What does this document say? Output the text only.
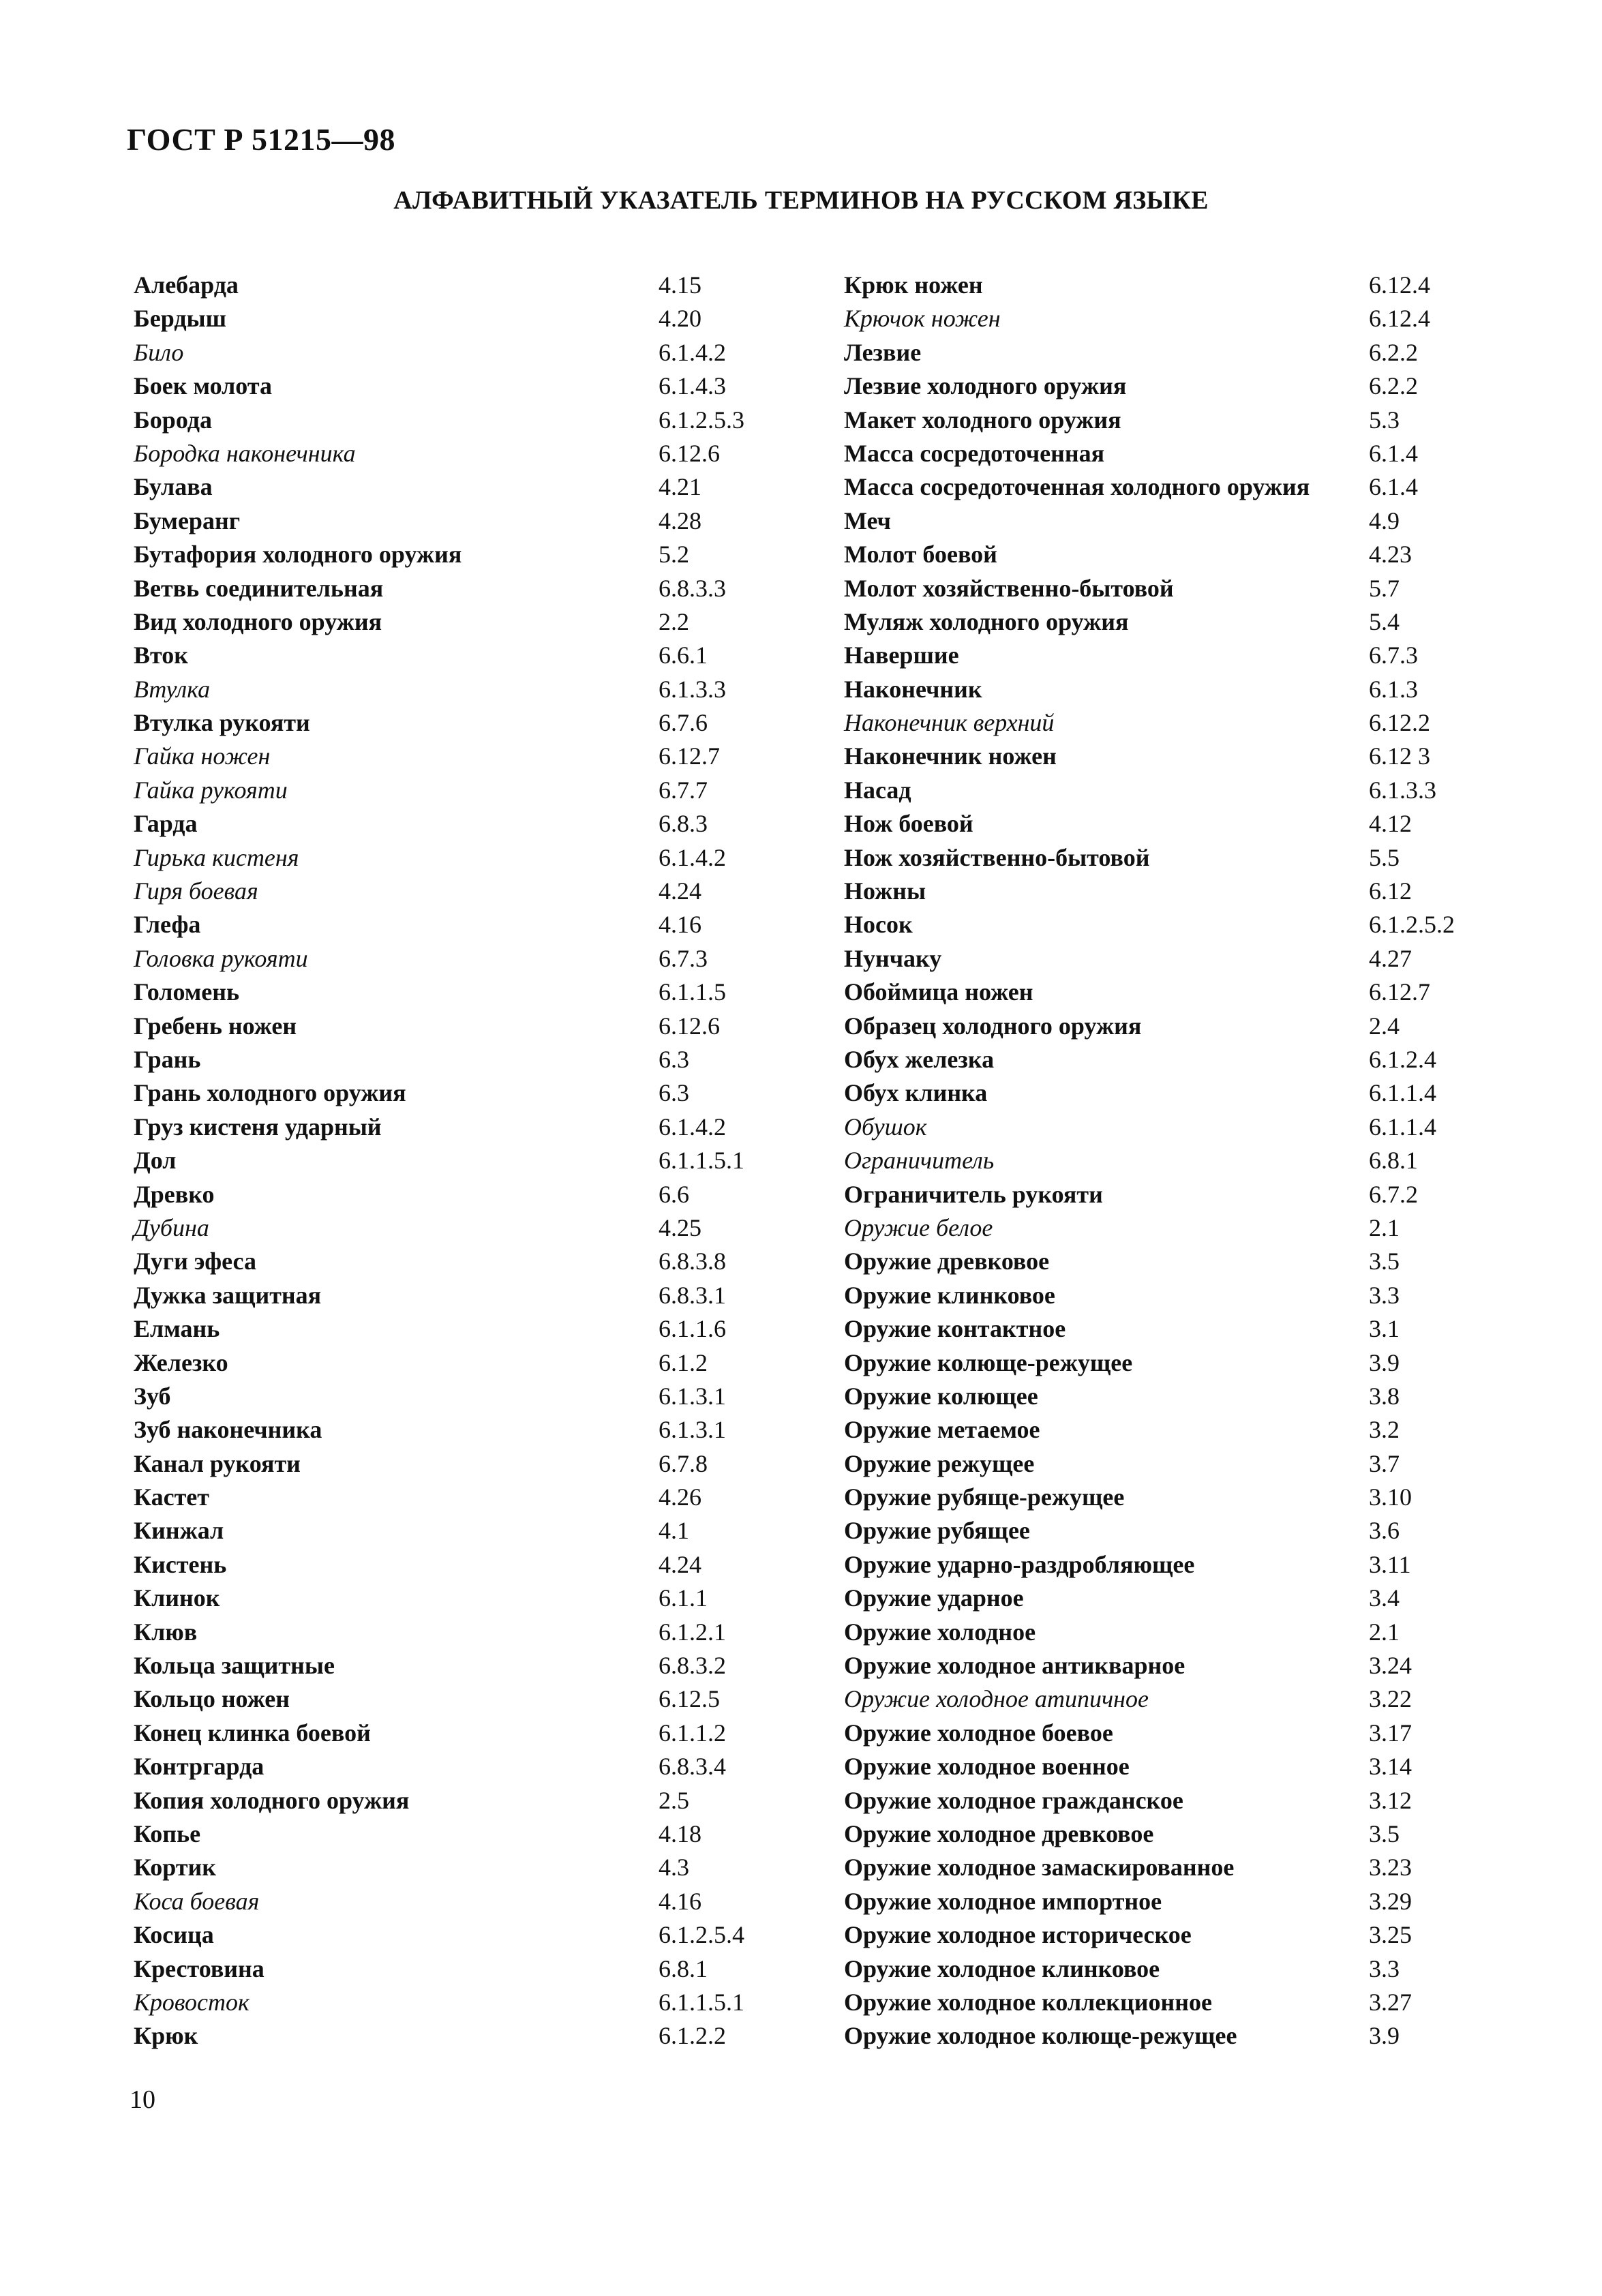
ГОСТ Р 51215—98
АЛФАВИТНЫЙ УКАЗАТЕЛЬ ТЕРМИНОВ НА РУССКОМ ЯЗЫКЕ
Алебарда	4.15
Бердыш	4.20
Било	6.1.4.2
Боек молота	6.1.4.3
Борода	6.1.2.5.3
Бородка наконечника	6.12.6
Булава	4.21
Бумеранг	4.28
Бутафория холодного оружия	5.2
Ветвь соединительная	6.8.3.3
Вид холодного оружия	2.2
Вток	6.6.1
Втулка	6.1.3.3
Втулка рукояти	6.7.6
Гайка ножен	6.12.7
Гайка рукояти	6.7.7
Гарда	6.8.3
Гирька кистеня	6.1.4.2
Гиря боевая	4.24
Глефа	4.16
Головка рукояти	6.7.3
Голомень	6.1.1.5
Гребень ножен	6.12.6
Грань	6.3
Грань холодного оружия	6.3
Груз кистеня ударный	6.1.4.2
Дол	6.1.1.5.1
Древко	6.6
Дубина	4.25
Дуги эфеса	6.8.3.8
Дужка защитная	6.8.3.1
Елмань	6.1.1.6
Железко	6.1.2
Зуб	6.1.3.1
Зуб наконечника	6.1.3.1
Канал рукояти	6.7.8
Кастет	4.26
Кинжал	4.1
Кистень	4.24
Клинок	6.1.1
Клюв	6.1.2.1
Кольца защитные	6.8.3.2
Кольцо ножен	6.12.5
Конец клинка боевой	6.1.1.2
Контргарда	6.8.3.4
Копия холодного оружия	2.5
Копье	4.18
Кортик	4.3
Коса боевая	4.16
Косица	6.1.2.5.4
Крестовина	6.8.1
Кровосток	6.1.1.5.1
Крюк	6.1.2.2
Крюк ножен	6.12.4
Крючок ножен	6.12.4
Лезвие	6.2.2
Лезвие холодного оружия	6.2.2
Макет холодного оружия	5.3
Масса сосредоточенная	6.1.4
Масса сосредоточенная холодного оружия 6.1.4
Меч	4.9
Молот боевой	4.23
Молот хозяйственно-бытовой	5.7
Муляж холодного оружия	5.4
Навершие	6.7.3
Наконечник	6.1.3
Наконечник верхний	6.12.2
Наконечник ножен	6.12 3
Насад	6.1.3.3
Нож боевой	4.12
Нож хозяйственно-бытовой	5.5
Ножны	6.12
Носок	6.1.2.5.2
Нунчаку	4.27
Обоймица ножен	6.12.7
Образец холодного оружия	2.4
Обух железка	6.1.2.4
Обух клинка	6.1.1.4
Обушок	6.1.1.4
Ограничитель	6.8.1
Ограничитель рукояти	6.7.2
Оружие белое	2.1
Оружие древковое	3.5
Оружие клинковое	3.3
Оружие контактное	3.1
Оружие колюще-режущее	3.9
Оружие колющее	3.8
Оружие метаемое	3.2
Оружие режущее	3.7
Оружие рубяще-режущее	3.10
Оружие рубящее	3.6
Оружие ударно-раздробляющее	3.11
Оружие ударное	3.4
Оружие холодное	2.1
Оружие холодное антикварное	3.24
Оружие холодное атипичное	3.22
Оружие холодное боевое	3.17
Оружие холодное военное	3.14
Оружие холодное гражданское	3.12
Оружие холодное древковое	3.5
Оружие холодное замаскированное	3.23
Оружие холодное импортное	3.29
Оружие холодное историческое	3.25
Оружие холодное клинковое	3.3
Оружие холодное коллекционное	3.27
Оружие холодное колюще-режущее	3.9
10
